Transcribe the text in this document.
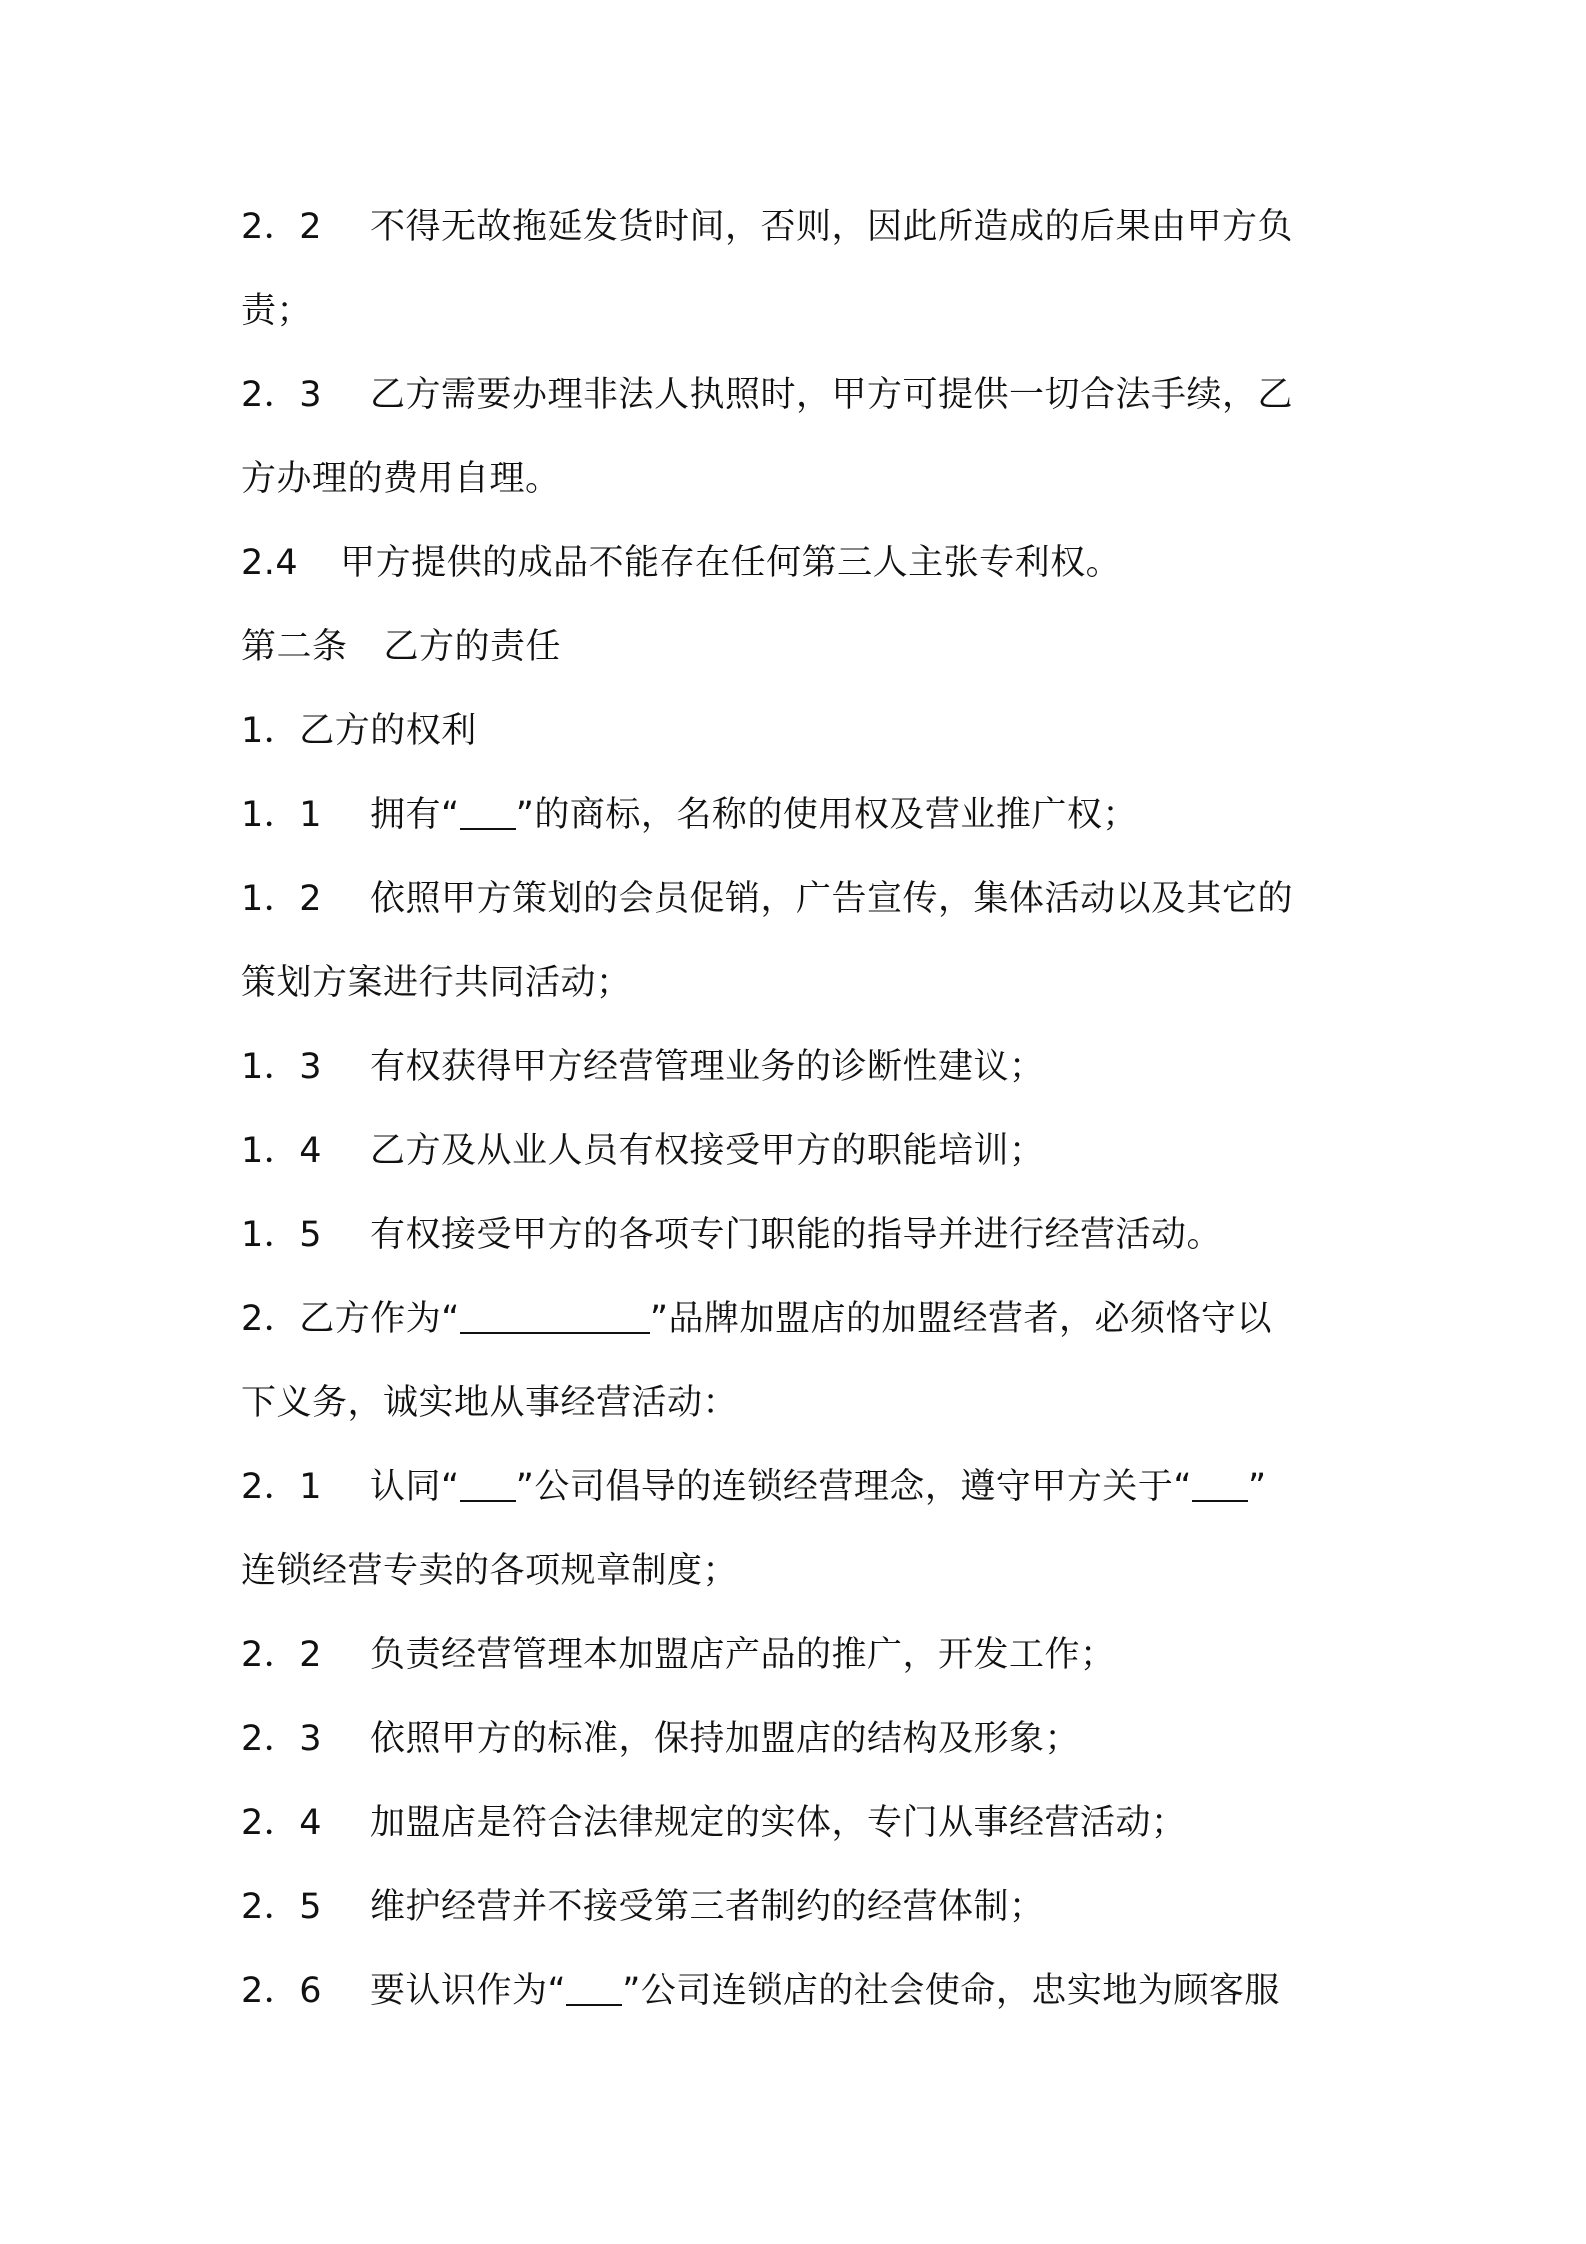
2．2 不得无故拖延发货时间，否则，因此所造成的后果由甲方负
责；
2．3 乙方需要办理非法人执照时，甲方可提供一切合法手续，乙
方办理的费用自理。
2.4 甲方提供的成品不能存在任何第三人主张专利权。
第二条 乙方的责任
1．乙方的权利
1．1 拥有“ ”的商标，名称的使用权及营业推广权；
1．2 依照甲方策划的会员促销，广告宣传，集体活动以及其它的
策划方案进行共同活动；
1．3 有权获得甲方经营管理业务的诊断性建议；
1．4 乙方及从业人员有权接受甲方的职能培训；
1．5 有权接受甲方的各项专门职能的指导并进行经营活动。
2．乙方作为“	”品牌加盟店的加盟经营者，必须恪守以
下义务，诚实地从事经营活动：
2．1 认同“ ”公司倡导的连锁经营理念，遵守甲方关于“ ”
连锁经营专卖的各项规章制度；
2．2 负责经营管理本加盟店产品的推广，开发工作；
2．3 依照甲方的标准，保持加盟店的结构及形象；
2．4 加盟店是符合法律规定的实体，专门从事经营活动；
2．5 维护经营并不接受第三者制约的经营体制；
2．6 要认识作为“ ”公司连锁店的社会使命，忠实地为顾客服
